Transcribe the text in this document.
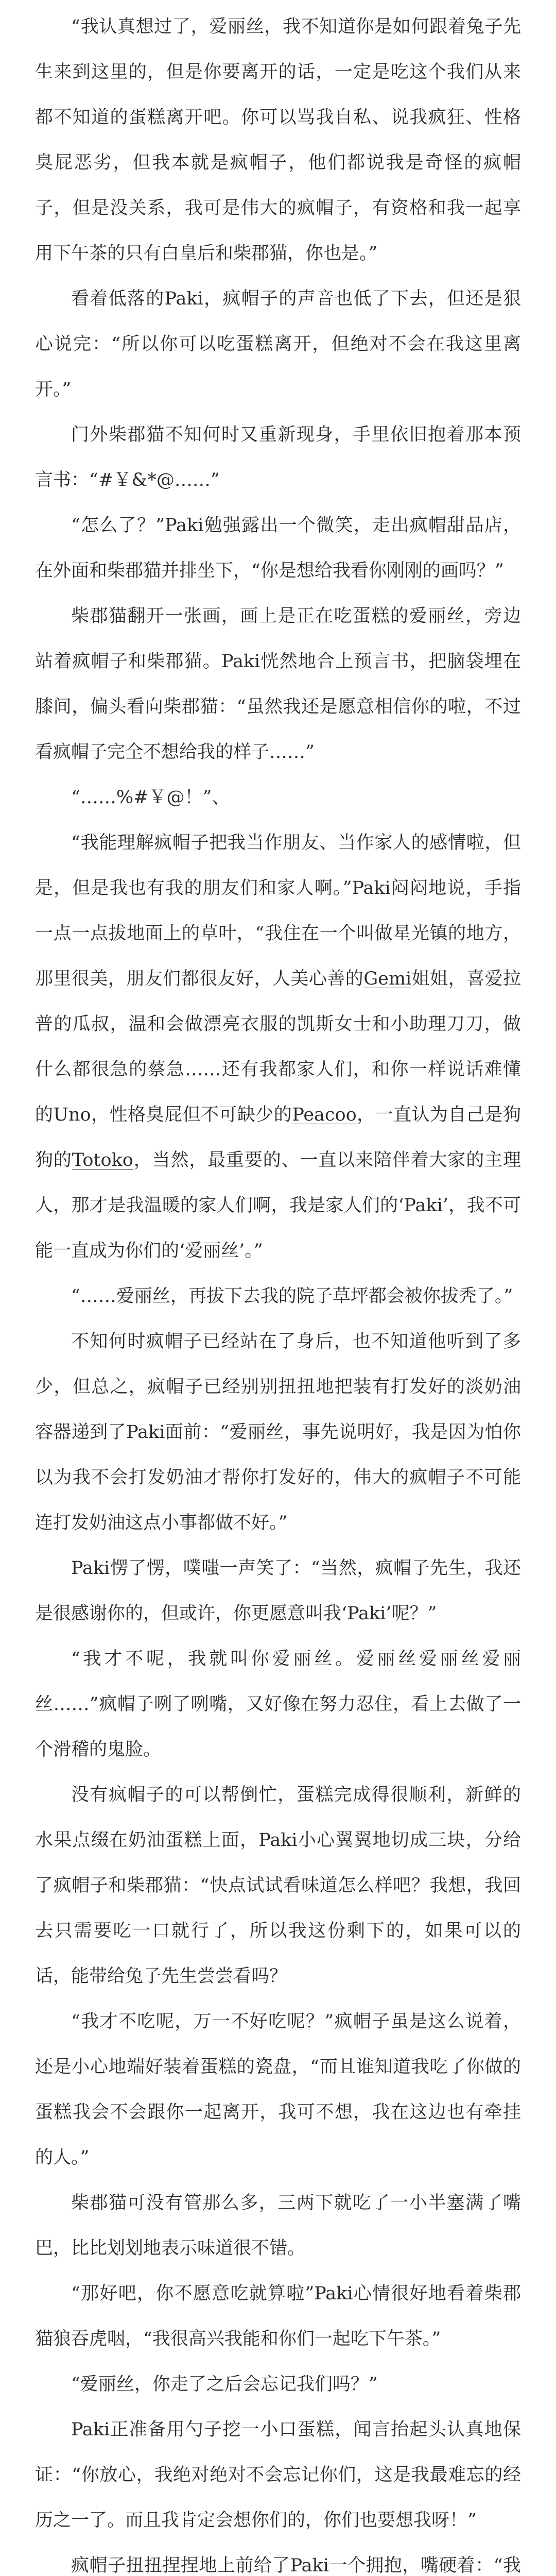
“我认真想过了，爱丽丝，我不知道你是如何跟着兔子先生来到这里的，但是你要离开的话，一定是吃这个我们从来都不知道的蛋糕离开吧。你可以骂我自私、说我疯狂、性格臭屁恶劣，但我本就是疯帽子，他们都说我是奇怪的疯帽子，但是没关系，我可是伟大的疯帽子，有资格和我一起享用下午茶的只有白皇后和柴郡猫，你也是。”

看着低落的Paki，疯帽子的声音也低了下去，但还是狠心说完：“所以你可以吃蛋糕离开，但绝对不会在我这里离开。”

门外柴郡猫不知何时又重新现身，手里依旧抱着那本预言书：“#￥&*@……”

“怎么了？”Paki勉强露出一个微笑，走出疯帽甜品店，在外面和柴郡猫并排坐下，“你是想给我看你刚刚的画吗？”

柴郡猫翻开一张画，画上是正在吃蛋糕的爱丽丝，旁边站着疯帽子和柴郡猫。Paki恍然地合上预言书，把脑袋埋在膝间，偏头看向柴郡猫：“虽然我还是愿意相信你的啦，不过看疯帽子完全不想给我的样子……”

“……%#￥@！”、

“我能理解疯帽子把我当作朋友、当作家人的感情啦，但是，但是我也有我的朋友们和家人啊。”Paki闷闷地说，手指一点一点拔地面上的草叶，“我住在一个叫做星光镇的地方，那里很美，朋友们都很友好，人美心善的Gemi姐姐，喜爱拉普的瓜叔，温和会做漂亮衣服的凯斯女士和小助理刀刀，做什么都很急的蔡急……还有我都家人们，和你一样说话难懂的Uno，性格臭屁但不可缺少的Peacoo，一直认为自己是狗狗的Totoko，当然，最重要的、一直以来陪伴着大家的主理人，那才是我温暖的家人们啊，我是家人们的‘Paki’，我不可能一直成为你们的‘爱丽丝’。”

“……爱丽丝，再拔下去我的院子草坪都会被你拔秃了。”

不知何时疯帽子已经站在了身后，也不知道他听到了多少，但总之，疯帽子已经别别扭扭地把装有打发好的淡奶油容器递到了Paki面前：“爱丽丝，事先说明好，我是因为怕你以为我不会打发奶油才帮你打发好的，伟大的疯帽子不可能连打发奶油这点小事都做不好。”

Paki愣了愣，噗嗤一声笑了：“当然，疯帽子先生，我还是很感谢你的，但或许，你更愿意叫我‘Paki’呢？”

“我才不呢，我就叫你爱丽丝。爱丽丝爱丽丝爱丽丝……”疯帽子咧了咧嘴，又好像在努力忍住，看上去做了一个滑稽的鬼脸。

没有疯帽子的可以帮倒忙，蛋糕完成得很顺利，新鲜的水果点缀在奶油蛋糕上面，Paki小心翼翼地切成三块，分给了疯帽子和柴郡猫：“快点试试看味道怎么样吧？我想，我回去只需要吃一口就行了，所以我这份剩下的，如果可以的话，能带给兔子先生尝尝看吗？

“我才不吃呢，万一不好吃呢？”疯帽子虽是这么说着，还是小心地端好装着蛋糕的瓷盘，“而且谁知道我吃了你做的蛋糕我会不会跟你一起离开，我可不想，我在这边也有牵挂的人。”

柴郡猫可没有管那么多，三两下就吃了一小半塞满了嘴巴，比比划划地表示味道很不错。

“那好吧，你不愿意吃就算啦”Paki心情很好地看着柴郡猫狼吞虎咽，“我很高兴我能和你们一起吃下午茶。”

“爱丽丝，你走了之后会忘记我们吗？”

Paki正准备用勺子挖一小口蛋糕，闻言抬起头认真地保证：“你放心，我绝对绝对不会忘记你们，这是我最难忘的经历之一了。而且我肯定会想你们的，你们也要想我呀！”

疯帽子扭扭捏捏地上前给了Paki一个拥抱，嘴硬着：“我
